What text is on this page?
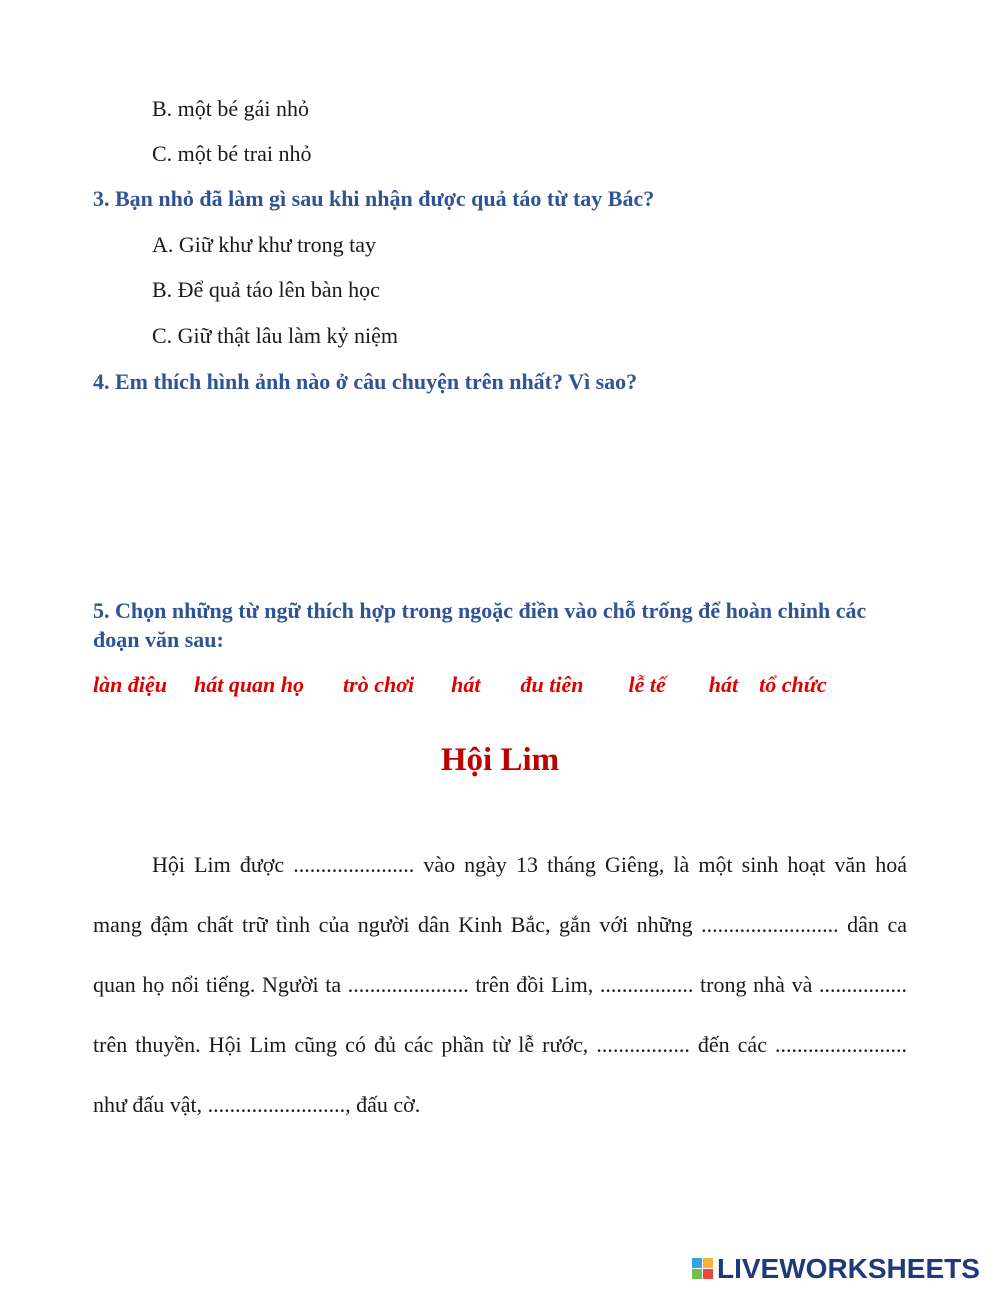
B. một bé gái nhỏ
C. một bé trai nhỏ
3. Bạn nhỏ đã làm gì sau khi nhận được quả táo từ tay Bác?
A. Giữ khư khư trong tay
B. Để quả táo lên bàn học
C. Giữ thật lâu làm kỷ niệm
4. Em thích hình ảnh nào ở câu chuyện trên nhất? Vì sao?
5. Chọn những từ ngữ thích hợp trong ngoặc điền vào chỗ trống để hoàn chỉnh các đoạn văn sau:
làn điệu hát quan họ trò chơi hát đu tiên lễ tế hát tổ chức
Hội Lim
Hội Lim được ...................... vào ngày 13 tháng Giêng, là một sinh hoạt văn hoá mang đậm chất trữ tình của người dân Kinh Bắc, gắn với những ......................... dân ca quan họ nổi tiếng. Người ta ...................... trên đồi Lim, ................. trong nhà và ................ trên thuyền. Hội Lim cũng có đủ các phần từ lễ rước, ................. đến các ........................ như đấu vật, ........................., đấu cờ.
LIVEWORKSHEETS
